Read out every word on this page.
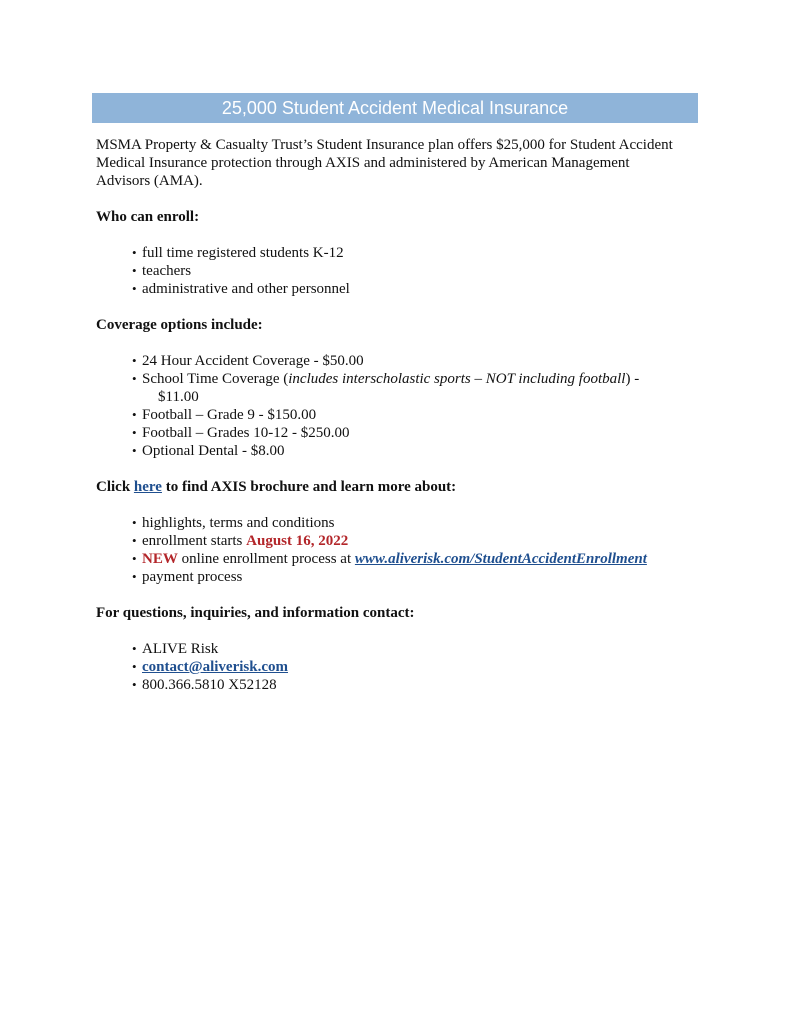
25,000 Student Accident Medical Insurance

MSMA Property & Casualty Trust’s Student Insurance plan offers $25,000 for Student Accident Medical Insurance protection through AXIS and administered by American Management Advisors (AMA).

Who can enroll:

• full time registered students K-12
• teachers
• administrative and other personnel

Coverage options include:

• 24 Hour Accident Coverage - $50.00
• School Time Coverage (includes interscholastic sports – NOT including football) -
$11.00
• Football – Grade 9 - $150.00
• Football – Grades 10-12 - $250.00
• Optional Dental - $8.00

Click here to find AXIS brochure and learn more about:

• highlights, terms and conditions
• enrollment starts August 16, 2022
• NEW online enrollment process at www.aliverisk.com/StudentAccidentEnrollment
• payment process

For questions, inquiries, and information contact:

• ALIVE Risk
• contact@aliverisk.com
• 800.366.5810 X52128
